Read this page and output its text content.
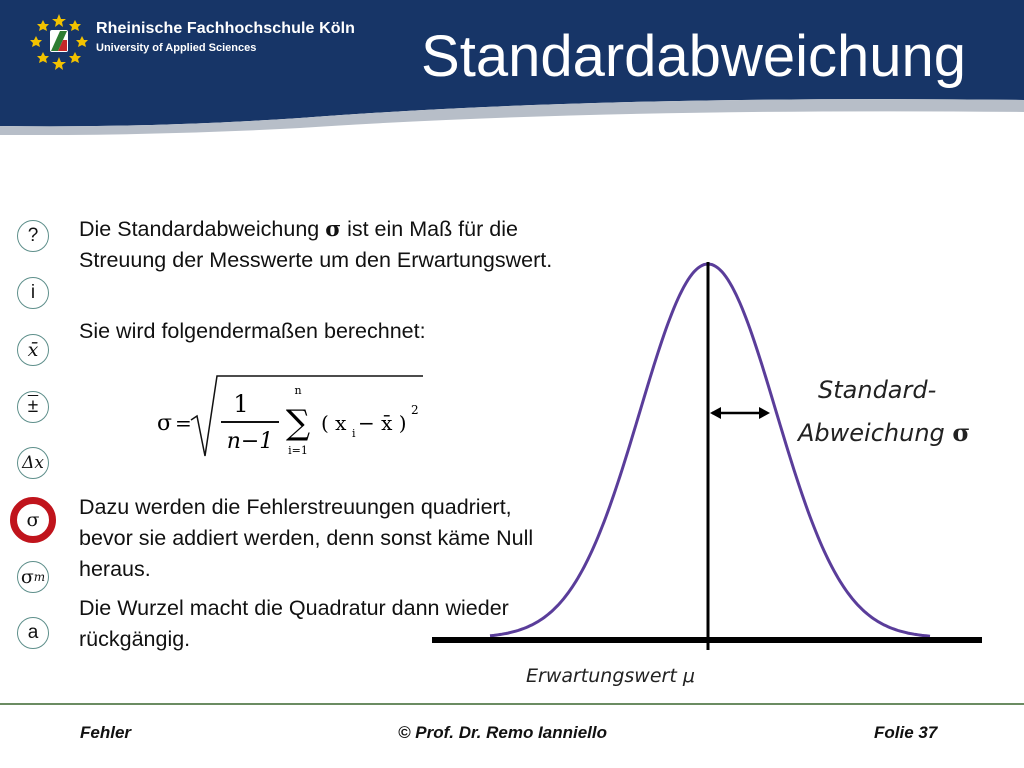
Rheinische Fachhochschule Köln
University of Applied Sciences	Standardabweichung
?
i
x̄
±
Δx
σ
σ m
a
Die Standardabweichung σ ist ein Maß für die Streuung der Messwerte um den Erwartungswert.
Sie wird folgendermaßen berechnet:
σ =
1
n−1
n
∑
i=1
( x i − x̄ )
2
Dazu werden die Fehlerstreuungen quadriert, bevor sie addiert werden, denn sonst käme Null heraus.
Die Wurzel macht die Quadratur dann wieder rückgängig.
Standard-
Abweichung σ
Erwartungswert μ
Fehler	© Prof. Dr. Remo Ianniello	Folie 37
